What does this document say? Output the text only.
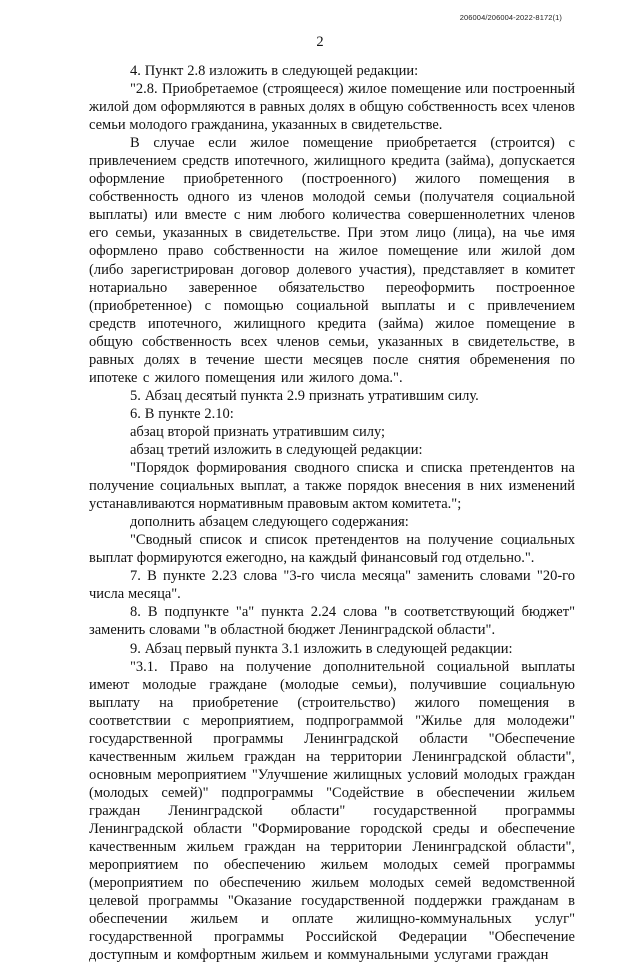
206004/206004-2022-8172(1)
2

4. Пункт 2.8 изложить в следующей редакции:

"2.8. Приобретаемое (строящееся) жилое помещение или построенный жилой дом оформляются в равных долях в общую собственность всех членов семьи молодого гражданина, указанных в свидетельстве.

В случае если жилое помещение приобретается (строится) с привлечением средств ипотечного, жилищного кредита (займа), допускается оформление приобретенного (построенного) жилого помещения в собственность одного из членов молодой семьи (получателя социальной выплаты) или вместе с ним любого количества совершеннолетних членов его семьи, указанных в свидетельстве. При этом лицо (лица), на чье имя оформлено право собственности на жилое помещение или жилой дом (либо зарегистрирован договор долевого участия), представляет в комитет нотариально заверенное обязательство переоформить построенное (приобретенное) с помощью социальной выплаты и с привлечением средств ипотечного, жилищного кредита (займа) жилое помещение в общую собственность всех членов семьи, указанных в свидетельстве, в равных долях в течение шести месяцев после снятия обременения по ипотеке с жилого помещения или жилого дома.".

5. Абзац десятый пункта 2.9 признать утратившим силу.

6. В пункте 2.10:

абзац второй признать утратившим силу;

абзац третий изложить в следующей редакции:

"Порядок формирования сводного списка и списка претендентов на получение социальных выплат, а также порядок внесения в них изменений устанавливаются нормативным правовым актом комитета.";

дополнить абзацем следующего содержания:

"Сводный список и список претендентов на получение социальных выплат формируются ежегодно, на каждый финансовый год отдельно.".

7. В пункте 2.23 слова "3-го числа месяца" заменить словами "20-го числа месяца".

8. В подпункте "а" пункта 2.24 слова "в соответствующий бюджет" заменить словами "в областной бюджет Ленинградской области".

9. Абзац первый пункта 3.1 изложить в следующей редакции:

"3.1. Право на получение дополнительной социальной выплаты имеют молодые граждане (молодые семьи), получившие социальную выплату на приобретение (строительство) жилого помещения в соответствии с мероприятием, подпрограммой "Жилье для молодежи" государственной программы Ленинградской области "Обеспечение качественным жильем граждан на территории Ленинградской области", основным мероприятием "Улучшение жилищных условий молодых граждан (молодых семей)" подпрограммы "Содействие в обеспечении жильем граждан Ленинградской области" государственной программы Ленинградской области "Формирование городской среды и обеспечение качественным жильем граждан на территории Ленинградской области", мероприятием по обеспечению жильем молодых семей программы (мероприятием по обеспечению жильем молодых семей ведомственной целевой программы "Оказание государственной поддержки гражданам в обеспечении жильем и оплате жилищно-коммунальных услуг" государственной программы Российской Федерации "Обеспечение доступным и комфортным жильем и коммунальными услугами граждан
